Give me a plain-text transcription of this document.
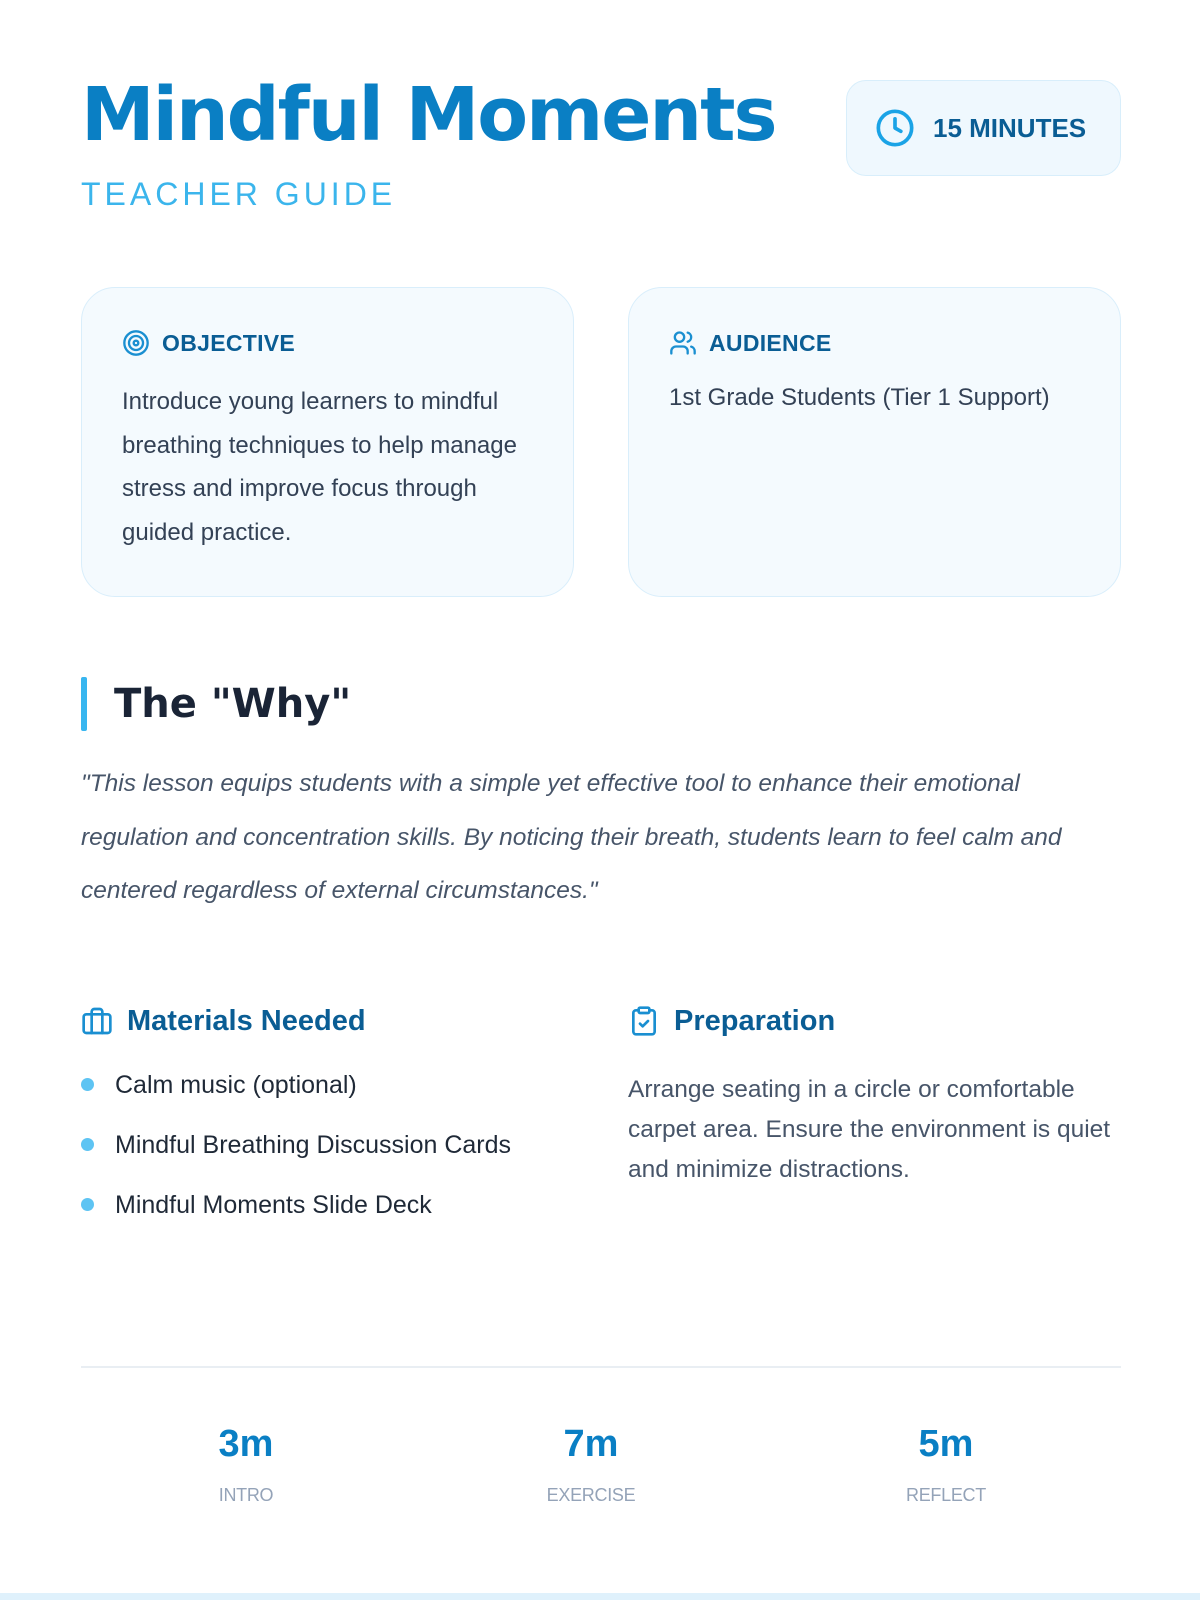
Mindful Moments
TEACHER GUIDE
15 MINUTES
OBJECTIVE
Introduce young learners to mindful breathing techniques to help manage stress and improve focus through guided practice.
AUDIENCE
1st Grade Students (Tier 1 Support)
The "Why"

"This lesson equips students with a simple yet effective tool to enhance their emotional regulation and concentration skills. By noticing their breath, students learn to feel calm and centered regardless of external circumstances."

Materials Needed
Calm music (optional)
Mindful Breathing Discussion Cards
Mindful Moments Slide Deck
Preparation

Arrange seating in a circle or comfortable carpet area. Ensure the environment is quiet and minimize distractions.

3m
INTRO
7m
EXERCISE
5m
REFLECT
